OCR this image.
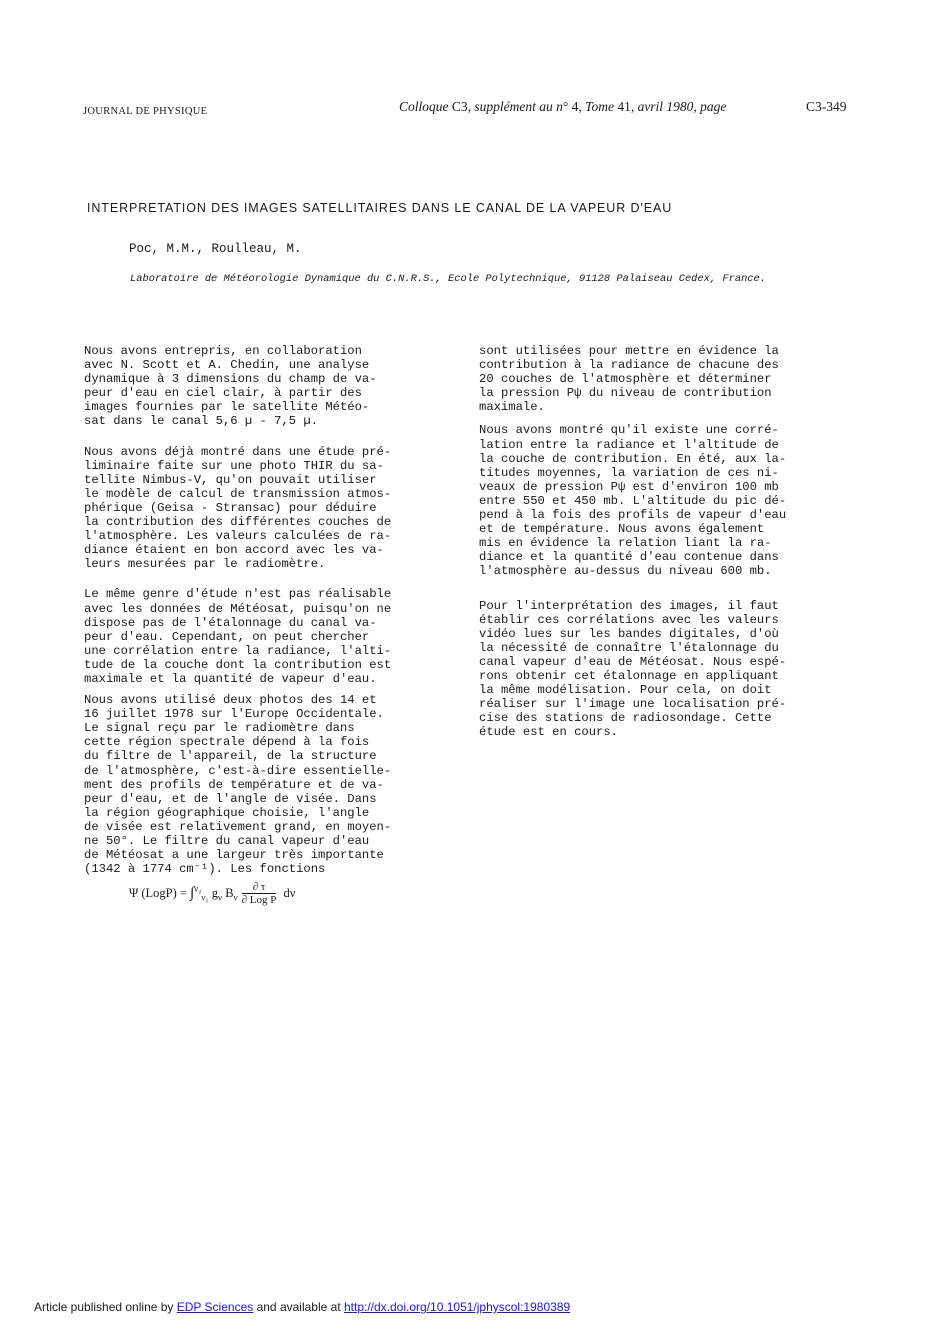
JOURNAL DE PHYSIQUE	Colloque C3, supplément au n° 4, Tome 41, avril 1980, page	C3-349
INTERPRETATION DES IMAGES SATELLITAIRES DANS LE CANAL DE LA VAPEUR D'EAU
Poc, M.M., Roulleau, M.
Laboratoire de Météorologie Dynamique du C.N.R.S., Ecole Polytechnique, 91128 Palaiseau Cedex, France.

Nous avons entrepris, en collaboration
avec N. Scott et A. Chedin, une analyse
dynamique à 3 dimensions du champ de va-
peur d'eau en ciel clair, à partir des
images fournies par le satellite Météo-
sat dans le canal 5,6 µ - 7,5 µ.

Nous avons déjà montré dans une étude pré-
liminaire faite sur une photo THIR du sa-
tellite Nimbus-V, qu'on pouvait utiliser
le modèle de calcul de transmission atmos-
phérique (Geisa - Stransac) pour déduire
la contribution des différentes couches de
l'atmosphère. Les valeurs calculées de ra-
diance étaient en bon accord avec les va-
leurs mesurées par le radiomètre.

Le même genre d'étude n'est pas réalisable
avec les données de Météosat, puisqu'on ne
dispose pas de l'étalonnage du canal va-
peur d'eau. Cependant, on peut chercher
une corrélation entre la radiance, l'alti-
tude de la couche dont la contribution est
maximale et la quantité de vapeur d'eau.

Nous avons utilisé deux photos des 14 et
16 juillet 1978 sur l'Europe Occidentale.
Le signal reçu par le radiomètre dans
cette région spectrale dépend à la fois
du filtre de l'appareil, de la structure
de l'atmosphère, c'est-à-dire essentielle-
ment des profils de température et de va-
peur d'eau, et de l'angle de visée. Dans
la région géographique choisie, l'angle
de visée est relativement grand, en moyen-
ne 50°. Le filtre du canal vapeur d'eau
de Météosat a une largeur très importante
(1342 à 1774 cm⁻¹). Les fonctions

Ψ (LogP) = ∫$^{\nu_2}_{\nu_1}$ $g_\nu$ $B_\nu \frac{\partial \tau}{\text{∂ Log P}}$ dν

sont utilisées pour mettre en évidence la
contribution à la radiance de chacune des
20 couches de l'atmosphère et déterminer
la pression Pψ du niveau de contribution
maximale.

Nous avons montré qu'il existe une corré-
lation entre la radiance et l'altitude de
la couche de contribution. En été, aux la-
titudes moyennes, la variation de ces ni-
veaux de pression Pψ est d'environ 100 mb
entre 550 et 450 mb. L'altitude du pic dé-
pend à la fois des profils de vapeur d'eau
et de température. Nous avons également
mis en évidence la relation liant la ra-
diance et la quantité d'eau contenue dans
l'atmosphère au-dessus du niveau 600 mb.

Pour l'interprétation des images, il faut
établir ces corrélations avec les valeurs
vidéo lues sur les bandes digitales, d'où
la nécessité de connaître l'étalonnage du
canal vapeur d'eau de Météosat. Nous espé-
rons obtenir cet étalonnage en appliquant
la même modélisation. Pour cela, on doit
réaliser sur l'image une localisation pré-
cise des stations de radiosondage. Cette
étude est en cours.

Article published online by EDP Sciences and available at http://dx.doi.org/10.1051/jphyscol:1980389
